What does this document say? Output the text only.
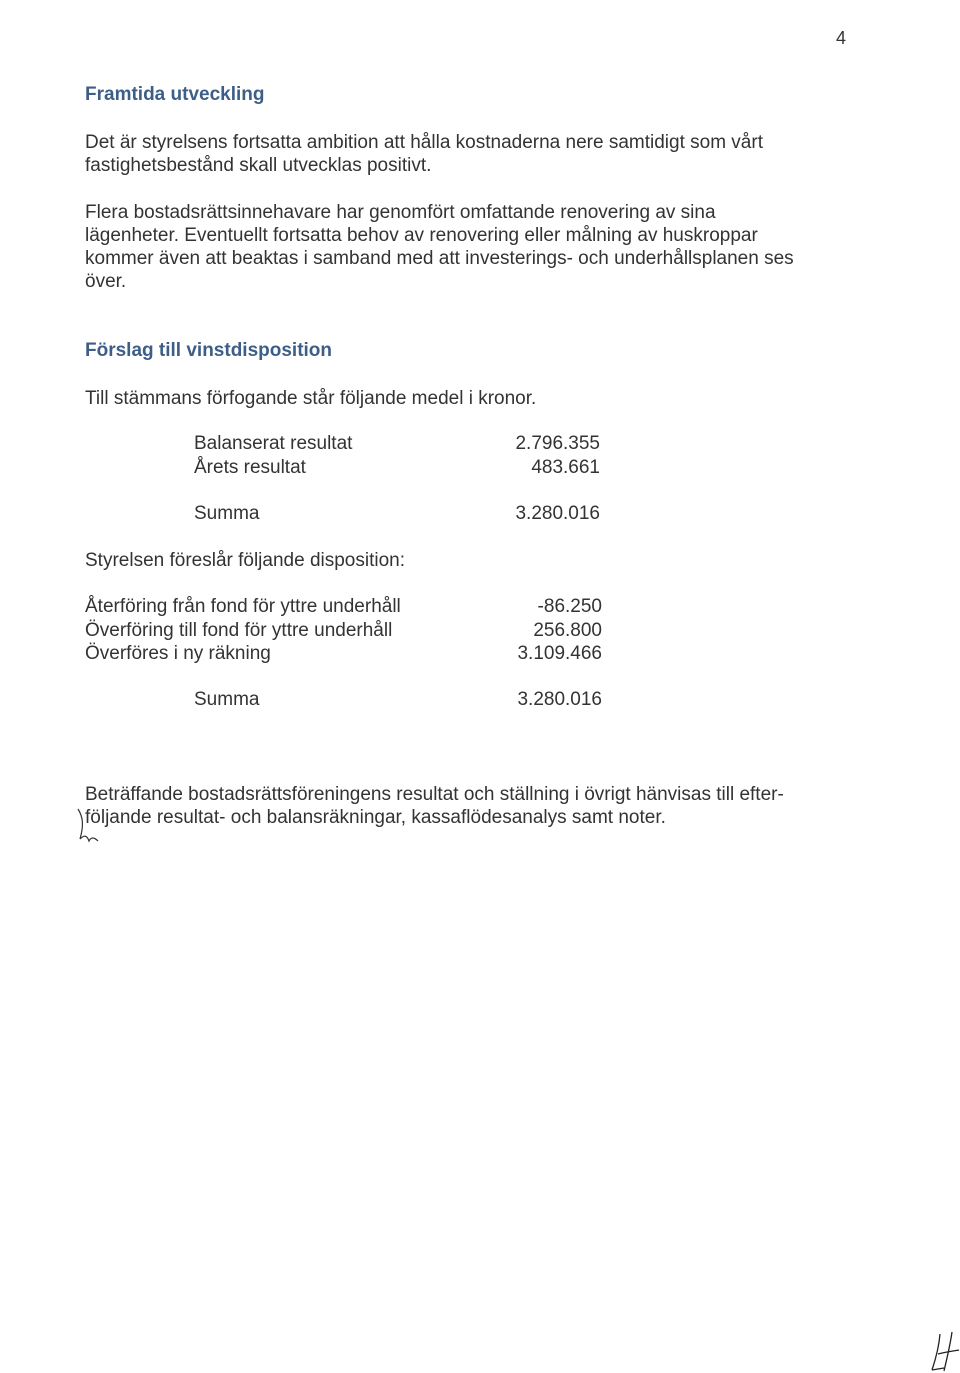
4
Framtida utveckling
Det är styrelsens fortsatta ambition att hålla kostnaderna nere samtidigt som vårt
fastighetsbestånd skall utvecklas positivt.
Flera bostadsrättsinnehavare har genomfört omfattande renovering av sina
lägenheter. Eventuellt fortsatta behov av renovering eller målning av huskroppar
kommer även att beaktas i samband med att investerings- och underhållsplanen ses
över.
Förslag till vinstdisposition
Till stämmans förfogande står följande medel i kronor.
Balanserat resultat	2.796.355
Årets resultat	483.661
Summa	3.280.016
Styrelsen föreslår följande disposition:
Återföring från fond för yttre underhåll	-86.250
Överföring till fond för yttre underhåll	256.800
Överföres i ny räkning	3.109.466
Summa	3.280.016
Beträffande bostadsrättsföreningens resultat och ställning i övrigt hänvisas till efter-
följande resultat- och balansräkningar, kassaflödesanalys samt noter.
